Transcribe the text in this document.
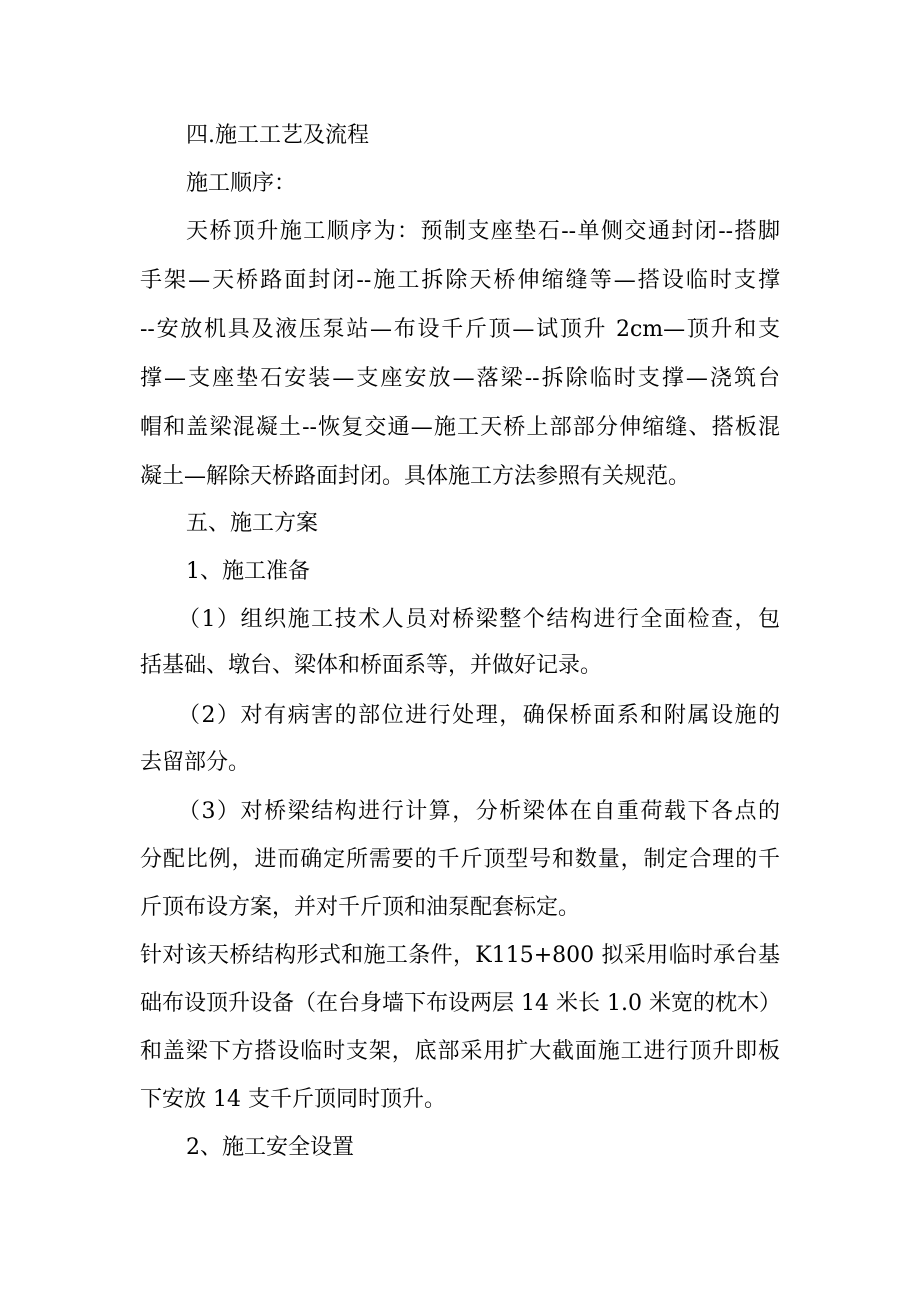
四.施工工艺及流程
施工顺序：
天桥顶升施工顺序为：预制支座垫石--单侧交通封闭--搭脚
手架—天桥路面封闭--施工拆除天桥伸缩缝等—搭设临时支撑
--安放机具及液压泵站—布设千斤顶—试顶升 2cm—顶升和支
撑—支座垫石安装—支座安放—落梁--拆除临时支撑—浇筑台
帽和盖梁混凝土--恢复交通—施工天桥上部部分伸缩缝、搭板混
凝土—解除天桥路面封闭。具体施工方法参照有关规范。
五、施工方案
1、施工准备
（1）组织施工技术人员对桥梁整个结构进行全面检查，包
括基础、墩台、梁体和桥面系等，并做好记录。
（2）对有病害的部位进行处理，确保桥面系和附属设施的
去留部分。
（3）对桥梁结构进行计算，分析梁体在自重荷载下各点的
分配比例，进而确定所需要的千斤顶型号和数量，制定合理的千
斤顶布设方案，并对千斤顶和油泵配套标定。
针对该天桥结构形式和施工条件，K115+800 拟采用临时承台基
础布设顶升设备（在台身墙下布设两层 14 米长 1.0 米宽的枕木）
和盖梁下方搭设临时支架，底部采用扩大截面施工进行顶升即板
下安放 14 支千斤顶同时顶升。
2、施工安全设置
